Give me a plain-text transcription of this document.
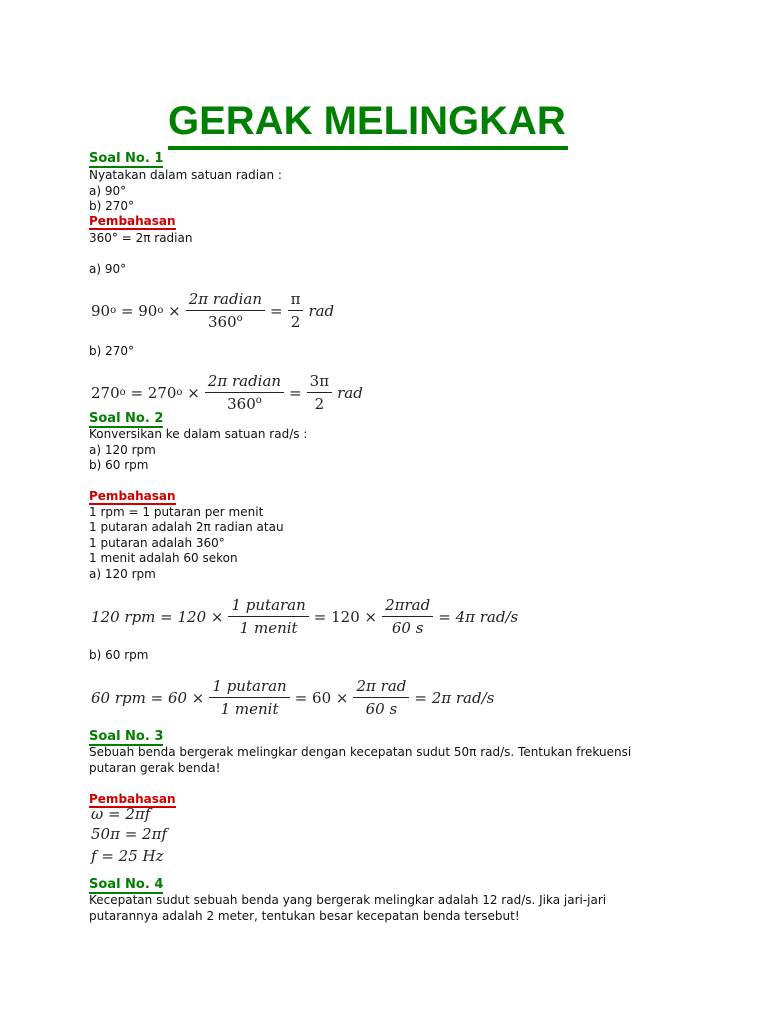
GERAK MELINGKAR
Soal No. 1
Nyatakan dalam satuan radian :
a) 90°
b) 270°
Pembahasan
360° = 2π radian
a) 90°
90 o = 90 $o \times \frac{\text{2π radian}}{360^o} = \frac{\pi}{2}$ rad
b) 270°
270 o = 270 $o \times \frac{\text{2π radian}}{360^o} = \frac{3\pi}{2}$ rad
Soal No. 2
Konversikan ke dalam satuan rad/s :
a) 120 rpm
b) 60 rpm
Pembahasan
1 rpm = 1 putaran per menit
1 putaran adalah 2π radian atau
1 putaran adalah 360°
1 menit adalah 60 sekon
a) 120 rpm
120 rpm = $120 \times \frac{\text{1 putaran}}{\text{1 menit}} = 120 \times \frac{\text{2πrad}}{60 s} = 4\pi$ rad/s
b) 60 rpm
60 rpm = $60 \times \frac{\text{1 putaran}}{\text{1 menit}} = 60 \times \frac{\text{2π rad}}{60 s} = 2\pi$ rad/s
Soal No. 3
Sebuah benda bergerak melingkar dengan kecepatan sudut 50π rad/s. Tentukan frekuensi
putaran gerak benda!
Pembahasan
ω = 2πf
50π = 2πf
f = 25 Hz
Soal No. 4
Kecepatan sudut sebuah benda yang bergerak melingkar adalah 12 rad/s. Jika jari-jari
putarannya adalah 2 meter, tentukan besar kecepatan benda tersebut!
